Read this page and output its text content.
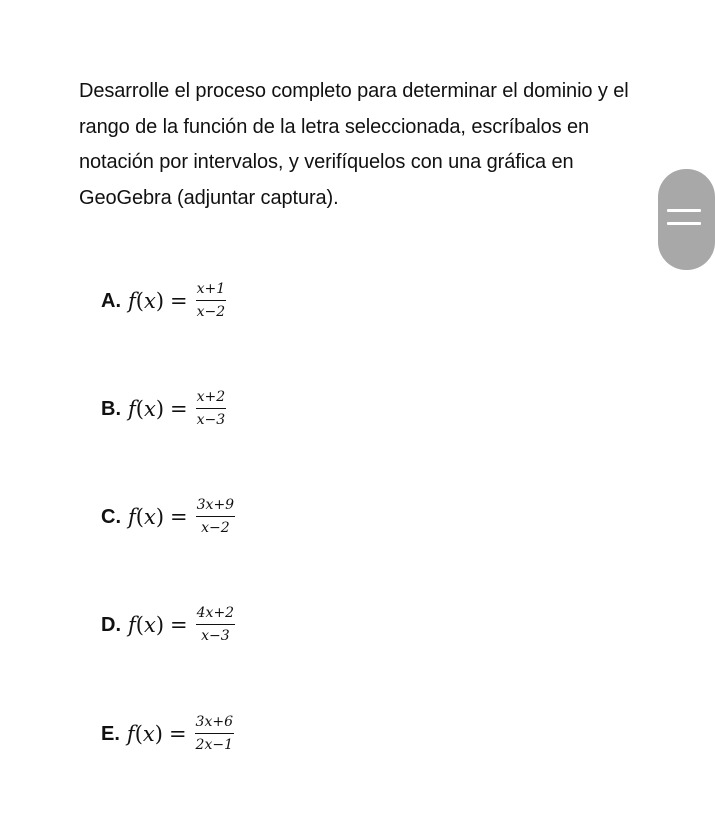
Desarrolle el proceso completo para determinar el dominio y el rango de la función de la letra seleccionada, escríbalos en notación por intervalos, y verifíquelos con una gráfica en GeoGebra (adjuntar captura).
A. f ( x ) = $\frac{x+1}{x-2}$
B. f ( x ) = $\frac{x+2}{x-3}$
C. f ( x ) = $\frac{3x+9}{x-2}$
D. f ( x ) = $\frac{4x+2}{x-3}$
E. f ( x ) = $\frac{3x+6}{2x-1}$
